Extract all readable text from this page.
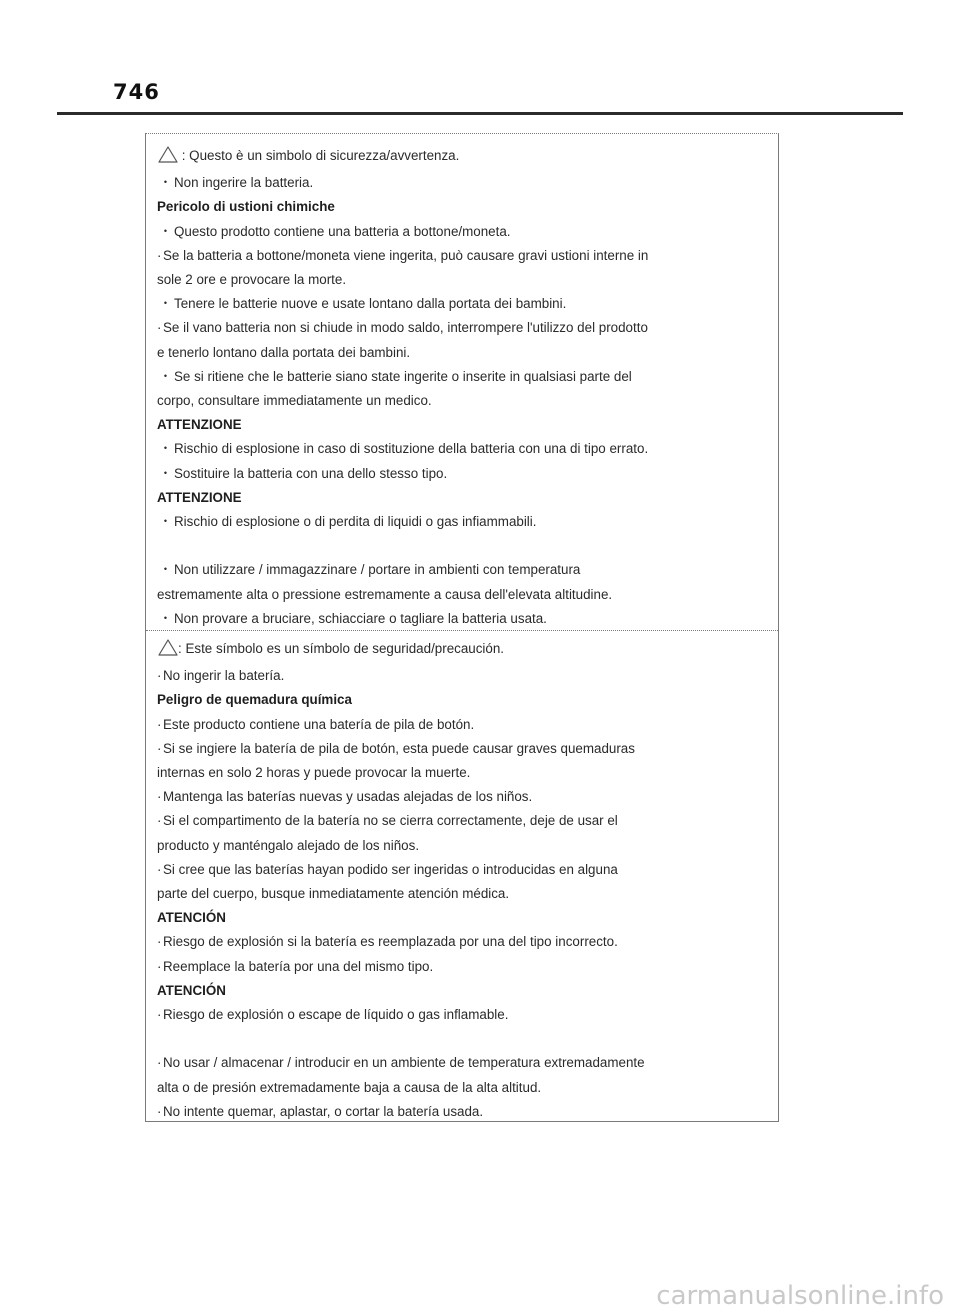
746
: Questo è un simbolo di sicurezza/avvertenza.
・ Non ingerire la batteria.
Pericolo di ustioni chimiche
・ Questo prodotto contiene una batteria a bottone/moneta.
· Se la batteria a bottone/moneta viene ingerita, può causare gravi ustioni interne in
sole 2 ore e provocare la morte.
・ Tenere le batterie nuove e usate lontano dalla portata dei bambini.
· Se il vano batteria non si chiude in modo saldo, interrompere l'utilizzo del prodotto
e tenerlo lontano dalla portata dei bambini.
・ Se si ritiene che le batterie siano state ingerite o inserite in qualsiasi parte del
corpo, consultare immediatamente un medico.
ATTENZIONE
・ Rischio di esplosione in caso di sostituzione della batteria con una di tipo errato.
・ Sostituire la batteria con una dello stesso tipo.
ATTENZIONE
・ Rischio di esplosione o di perdita di liquidi o gas infiammabili.
・ Non utilizzare / immagazzinare / portare in ambienti con temperatura
estremamente alta o pressione estremamente a causa dell'elevata altitudine.
・ Non provare a bruciare, schiacciare o tagliare la batteria usata.
: Este símbolo es un símbolo de seguridad/precaución.
· No ingerir la batería.
Peligro de quemadura química
· Este producto contiene una batería de pila de botón.
· Si se ingiere la batería de pila de botón, esta puede causar graves quemaduras
internas en solo 2 horas y puede provocar la muerte.
· Mantenga las baterías nuevas y usadas alejadas de los niños.
· Si el compartimento de la batería no se cierra correctamente, deje de usar el
producto y manténgalo alejado de los niños.
· Si cree que las baterías hayan podido ser ingeridas o introducidas en alguna
parte del cuerpo, busque inmediatamente atención médica.
ATENCIÓN
· Riesgo de explosión si la batería es reemplazada por una del tipo incorrecto.
· Reemplace la batería por una del mismo tipo.
ATENCIÓN
· Riesgo de explosión o escape de líquido o gas inflamable.
· No usar / almacenar / introducir en un ambiente de temperatura extremadamente
alta o de presión extremadamente baja a causa de la alta altitud.
· No intente quemar, aplastar, o cortar la batería usada.
carmanualsonline.info
